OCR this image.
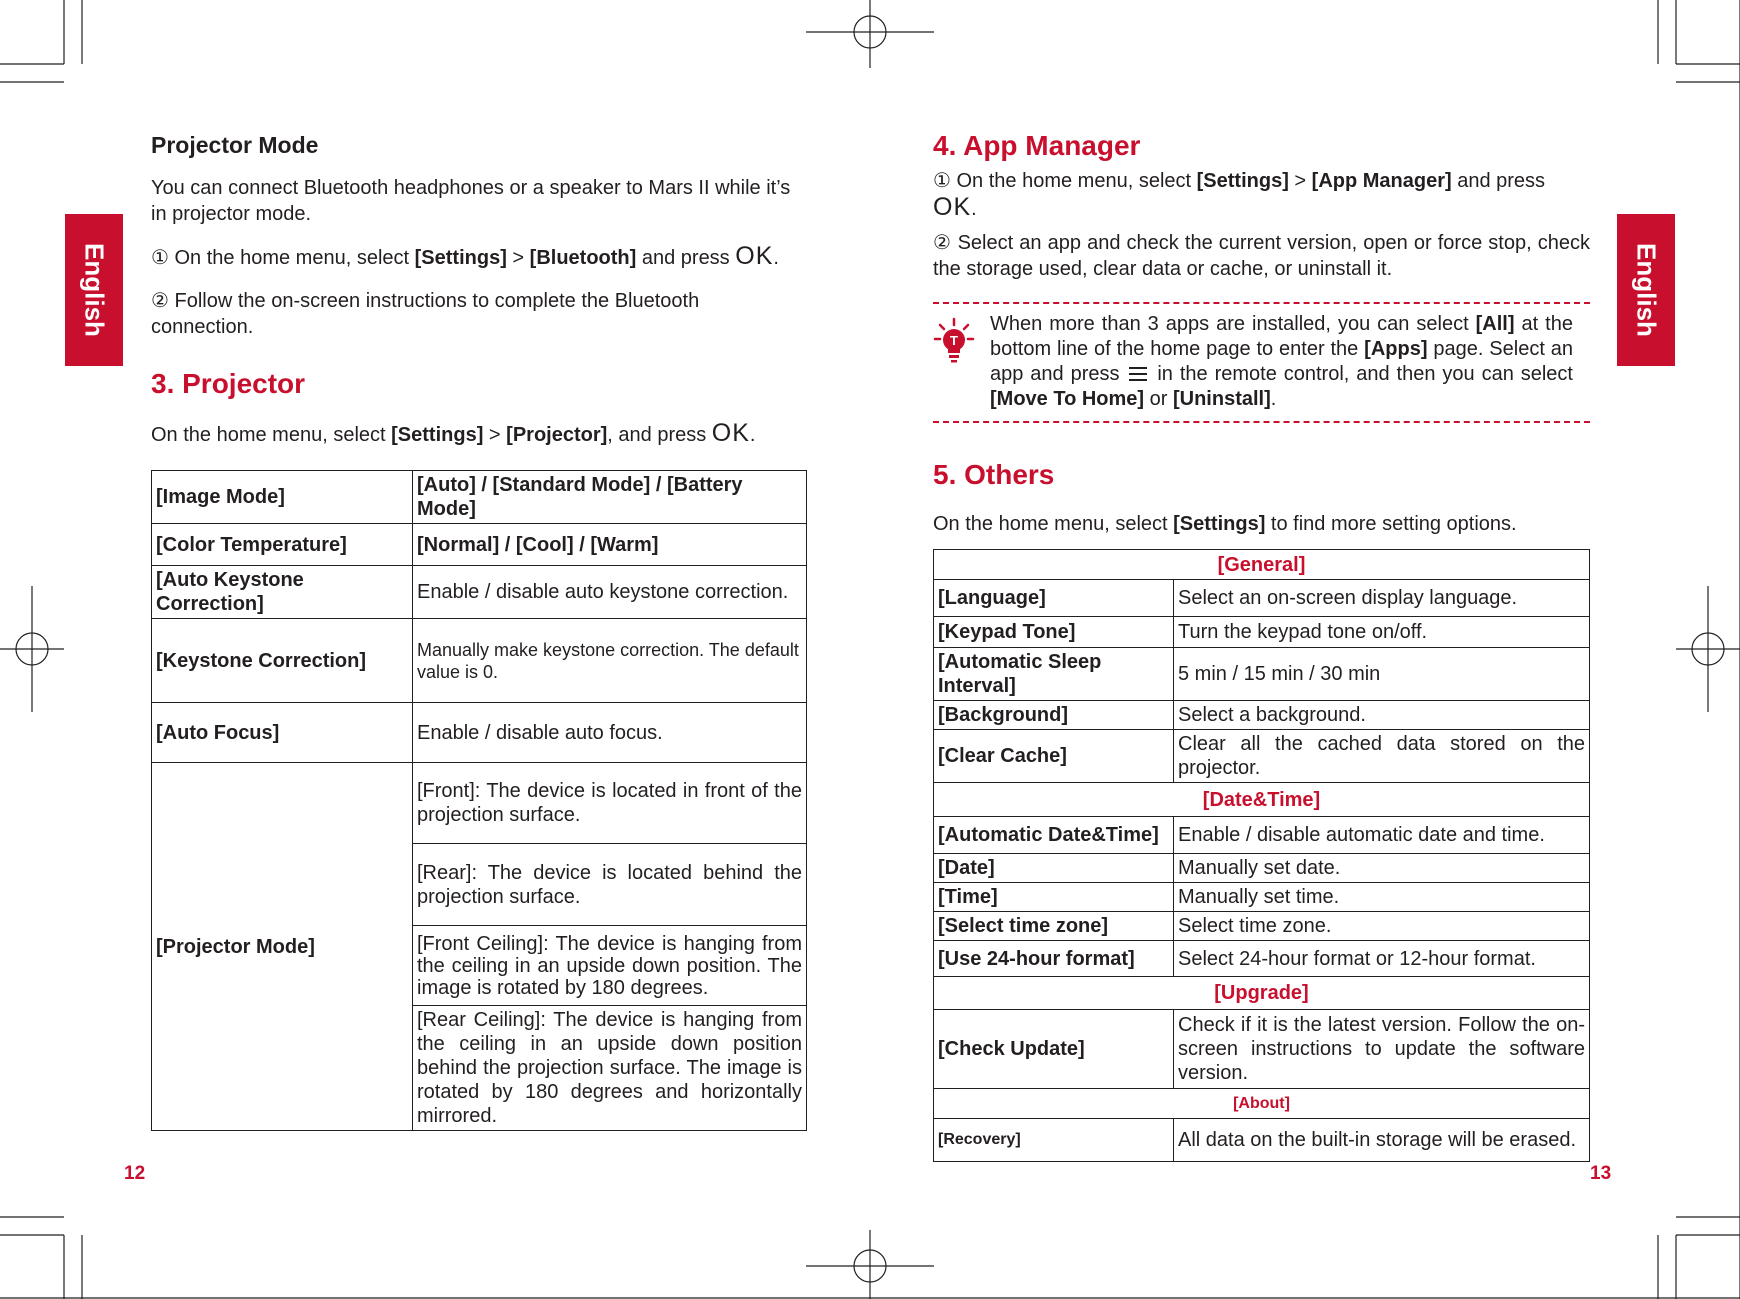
English	English
12	13
Projector Mode

You can connect Bluetooth headphones or a speaker to Mars II while it’s in projector mode.

① On the home menu, select [Settings] > [Bluetooth] and press OK.

② Follow the on-screen instructions to complete the Bluetooth connection.

3. Projector

On the home menu, select [Settings] > [Projector], and press OK.

[Image Mode]	[Auto] / [Standard Mode] / [Battery Mode]
[Color Temperature]	[Normal] / [Cool] / [Warm]
[Auto Keystone Correction]	Enable / disable auto keystone correction.
[Keystone Correction]	Manually make keystone correction. The default value is 0.
[Auto Focus]	Enable / disable auto focus.
[Projector Mode]	[Front]: The device is located in front of the projection surface.
	[Rear]: The device is located behind the projection surface.
	[Front Ceiling]: The device is hanging from the ceiling in an upside down position. The image is rotated by 180 degrees.
	[Rear Ceiling]: The device is hanging from the ceiling in an upside down position behind the projection surface. The image is rotated by 180 degrees and horizontally mirrored.
4. App Manager

① On the home menu, select [Settings] > [App Manager] and press OK.

② Select an app and check the current version, open or force stop, check the storage used, clear data or cache, or uninstall it.

T

When more than 3 apps are installed, you can select [All] at the bottom line of the home page to enter the [Apps] page. Select an app and press  in the remote control, and then you can select [Move To Home] or [Uninstall].

5. Others

On the home menu, select [Settings] to find more setting options.

[General]	
[Language]	Select an on-screen display language.
[Keypad Tone]	Turn the keypad tone on/off.
[Automatic Sleep Interval]	5 min / 15 min / 30 min
[Background]	Select a background.
[Clear Cache]	Clear all the cached data stored on the projector.
[Date&Time]	
[Automatic Date&Time]	Enable / disable automatic date and time.
[Date]	Manually set date.
[Time]	Manually set time.
[Select time zone]	Select time zone.
[Use 24-hour format]	Select 24-hour format or 12-hour format.
[Upgrade]	
[Check Update]	Check if it is the latest version. Follow the on-screen instructions to update the software version.
[About]	
[Recovery]	All data on the built-in storage will be erased.
